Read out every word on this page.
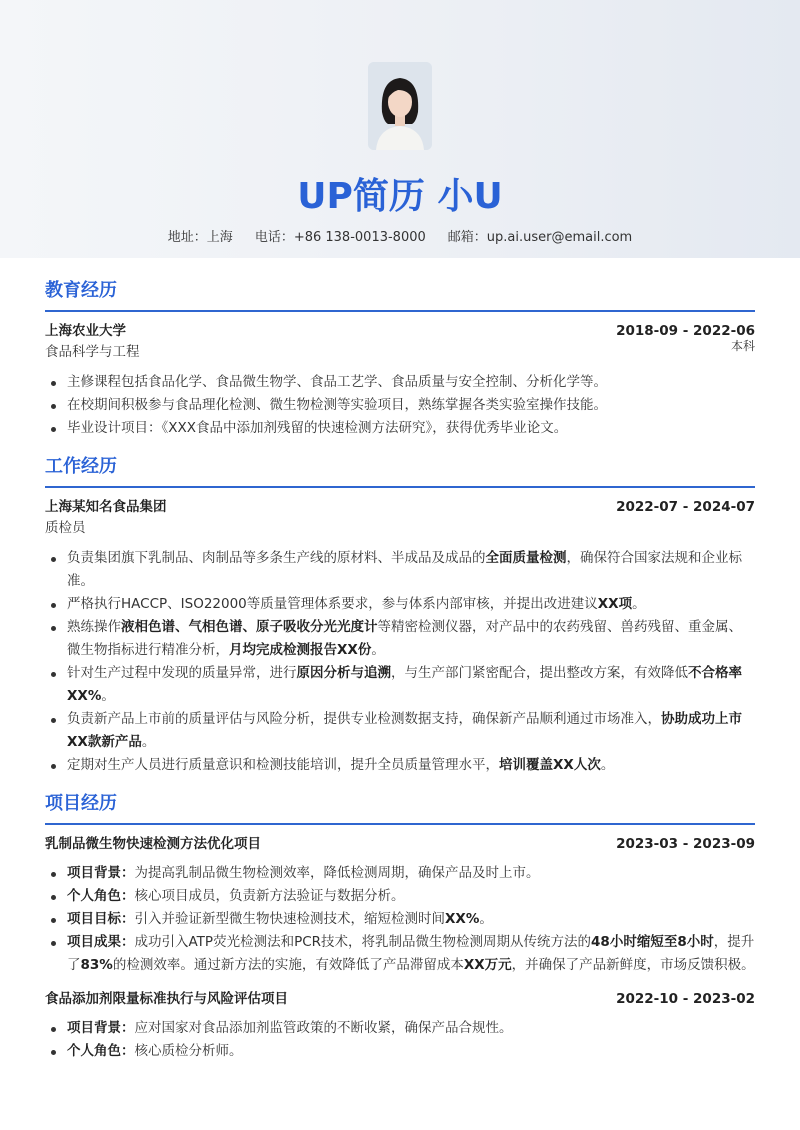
UP简历 小U
地址：上海 电话：+86 138-0013-8000 邮箱：up.ai.user@email.com
教育经历
上海农业大学	2018-09 - 2022-06
食品科学与工程	本科
主修课程包括食品化学、食品微生物学、食品工艺学、食品质量与安全控制、分析化学等。
在校期间积极参与食品理化检测、微生物检测等实验项目，熟练掌握各类实验室操作技能。
毕业设计项目：《XXX食品中添加剂残留的快速检测方法研究》，获得优秀毕业论文。
工作经历
上海某知名食品集团	2022-07 - 2024-07
质检员
负责集团旗下乳制品、肉制品等多条生产线的原材料、半成品及成品的全面质量检测，确保符合国家法规和企业标准。
严格执行HACCP、ISO22000等质量管理体系要求，参与体系内部审核，并提出改进建议XX项。
熟练操作液相色谱、气相色谱、原子吸收分光光度计等精密检测仪器，对产品中的农药残留、兽药残留、重金属、微生物指标进行精准分析，月均完成检测报告XX份。
针对生产过程中发现的质量异常，进行原因分析与追溯，与生产部门紧密配合，提出整改方案，有效降低不合格率XX%。
负责新产品上市前的质量评估与风险分析，提供专业检测数据支持，确保新产品顺利通过市场准入，协助成功上市XX款新产品。
定期对生产人员进行质量意识和检测技能培训，提升全员质量管理水平，培训覆盖XX人次。
项目经历
乳制品微生物快速检测方法优化项目	2023-03 - 2023-09
项目背景：为提高乳制品微生物检测效率，降低检测周期，确保产品及时上市。
个人角色：核心项目成员，负责新方法验证与数据分析。
项目目标：引入并验证新型微生物快速检测技术，缩短检测时间XX%。
项目成果：成功引入ATP荧光检测法和PCR技术，将乳制品微生物检测周期从传统方法的48小时缩短至8小时，提升了83%的检测效率。通过新方法的实施，有效降低了产品滞留成本XX万元，并确保了产品新鲜度，市场反馈积极。
食品添加剂限量标准执行与风险评估项目	2022-10 - 2023-02
项目背景：应对国家对食品添加剂监管政策的不断收紧，确保产品合规性。
个人角色：核心质检分析师。
